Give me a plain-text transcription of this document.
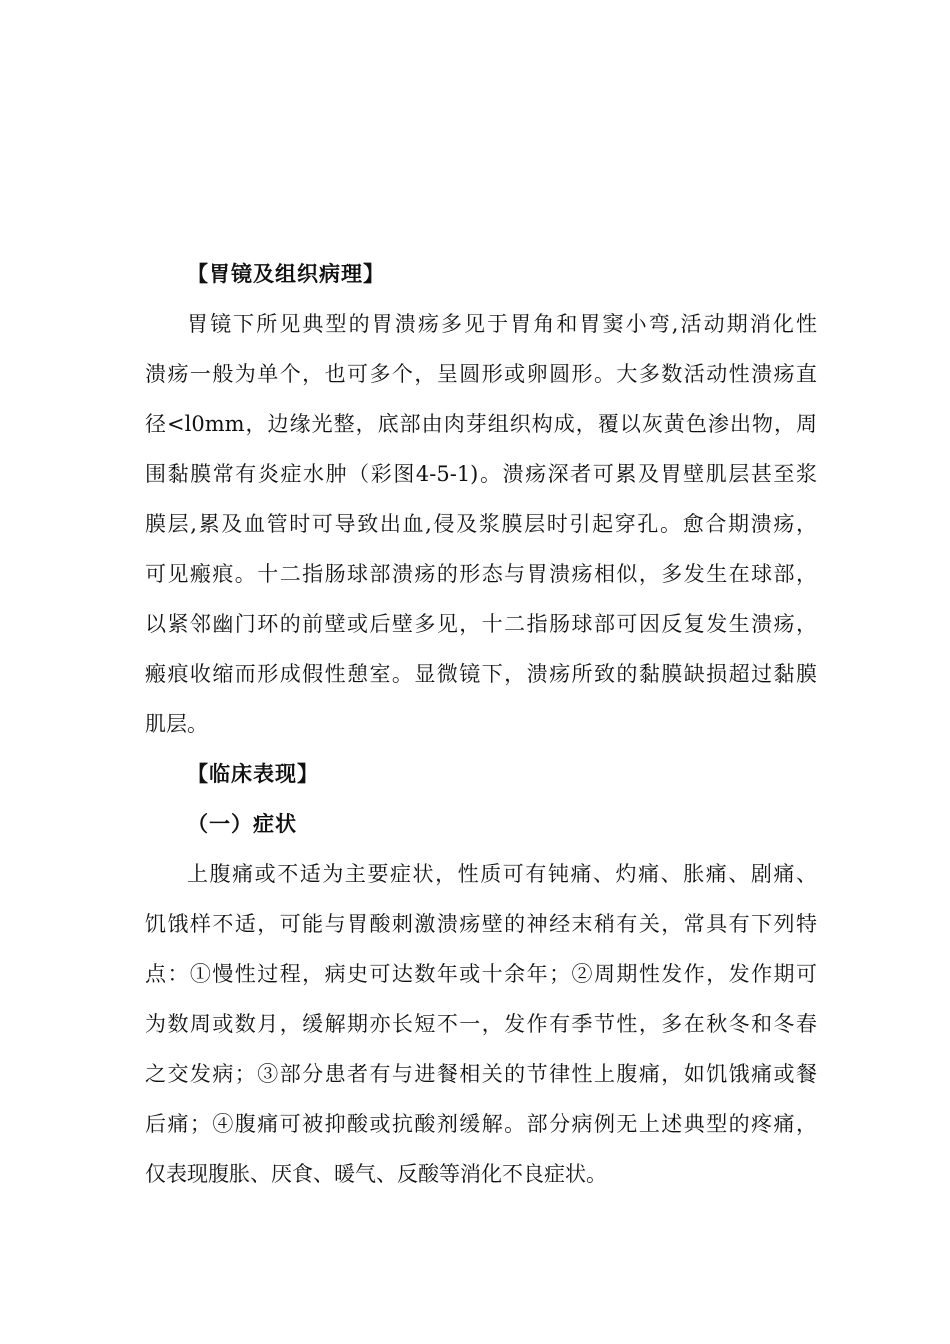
【胃镜及组织病理】
胃镜下所见典型的胃溃疡多见于胃角和胃窦小弯,活动期消化性
溃疡一般为单个，也可多个，呈圆形或卵圆形。大多数活动性溃疡直
径<l0mm，边缘光整，底部由肉芽组织构成，覆以灰黄色渗出物，周
围黏膜常有炎症水肿（彩图4-5-1)。溃疡深者可累及胃壁肌层甚至浆
膜层,累及血管时可导致出血,侵及浆膜层时引起穿孔。愈合期溃疡，
可见瘢痕。十二指肠球部溃疡的形态与胃溃疡相似，多发生在球部，
以紧邻幽门环的前壁或后壁多见，十二指肠球部可因反复发生溃疡，
瘢痕收缩而形成假性憩室。显微镜下，溃疡所致的黏膜缺损超过黏膜
肌层。
【临床表现】
（一）症状
上腹痛或不适为主要症状，性质可有钝痛、灼痛、胀痛、剧痛、
饥饿样不适，可能与胃酸刺激溃疡壁的神经末稍有关，常具有下列特
点：①慢性过程，病史可达数年或十余年；②周期性发作，发作期可
为数周或数月，缓解期亦长短不一，发作有季节性，多在秋冬和冬春
之交发病；③部分患者有与进餐相关的节律性上腹痛，如饥饿痛或餐
后痛；④腹痛可被抑酸或抗酸剂缓解。部分病例无上述典型的疼痛，
仅表现腹胀、厌食、暖气、反酸等消化不良症状。
